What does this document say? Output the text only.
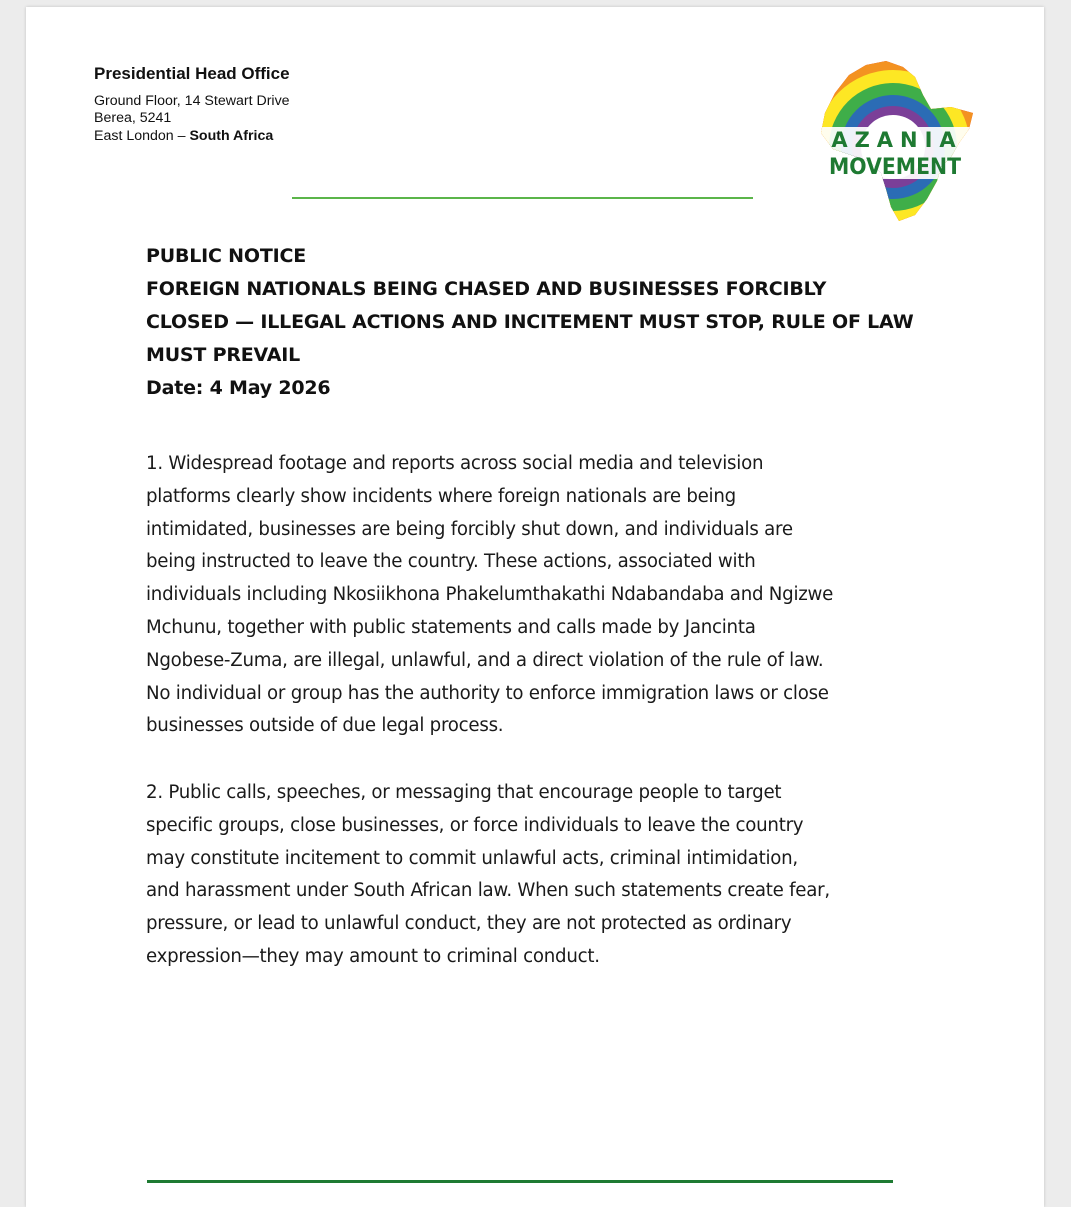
Presidential Head Office
Ground Floor, 14 Stewart Drive
Berea, 5241
East London – South Africa	AZANIA
MOVEMENT
PUBLIC NOTICE
FOREIGN NATIONALS BEING CHASED AND BUSINESSES FORCIBLY
CLOSED — ILLEGAL ACTIONS AND INCITEMENT MUST STOP, RULE OF LAW
MUST PREVAIL
Date: 4 May 2026
1. Widespread footage and reports across social media and television
platforms clearly show incidents where foreign nationals are being
intimidated, businesses are being forcibly shut down, and individuals are
being instructed to leave the country. These actions, associated with
individuals including Nkosiikhona Phakelumthakathi Ndabandaba and Ngizwe
Mchunu, together with public statements and calls made by Jancinta
Ngobese-Zuma, are illegal, unlawful, and a direct violation of the rule of law.
No individual or group has the authority to enforce immigration laws or close
businesses outside of due legal process.
2. Public calls, speeches, or messaging that encourage people to target
specific groups, close businesses, or force individuals to leave the country
may constitute incitement to commit unlawful acts, criminal intimidation,
and harassment under South African law. When such statements create fear,
pressure, or lead to unlawful conduct, they are not protected as ordinary
expression—they may amount to criminal conduct.
